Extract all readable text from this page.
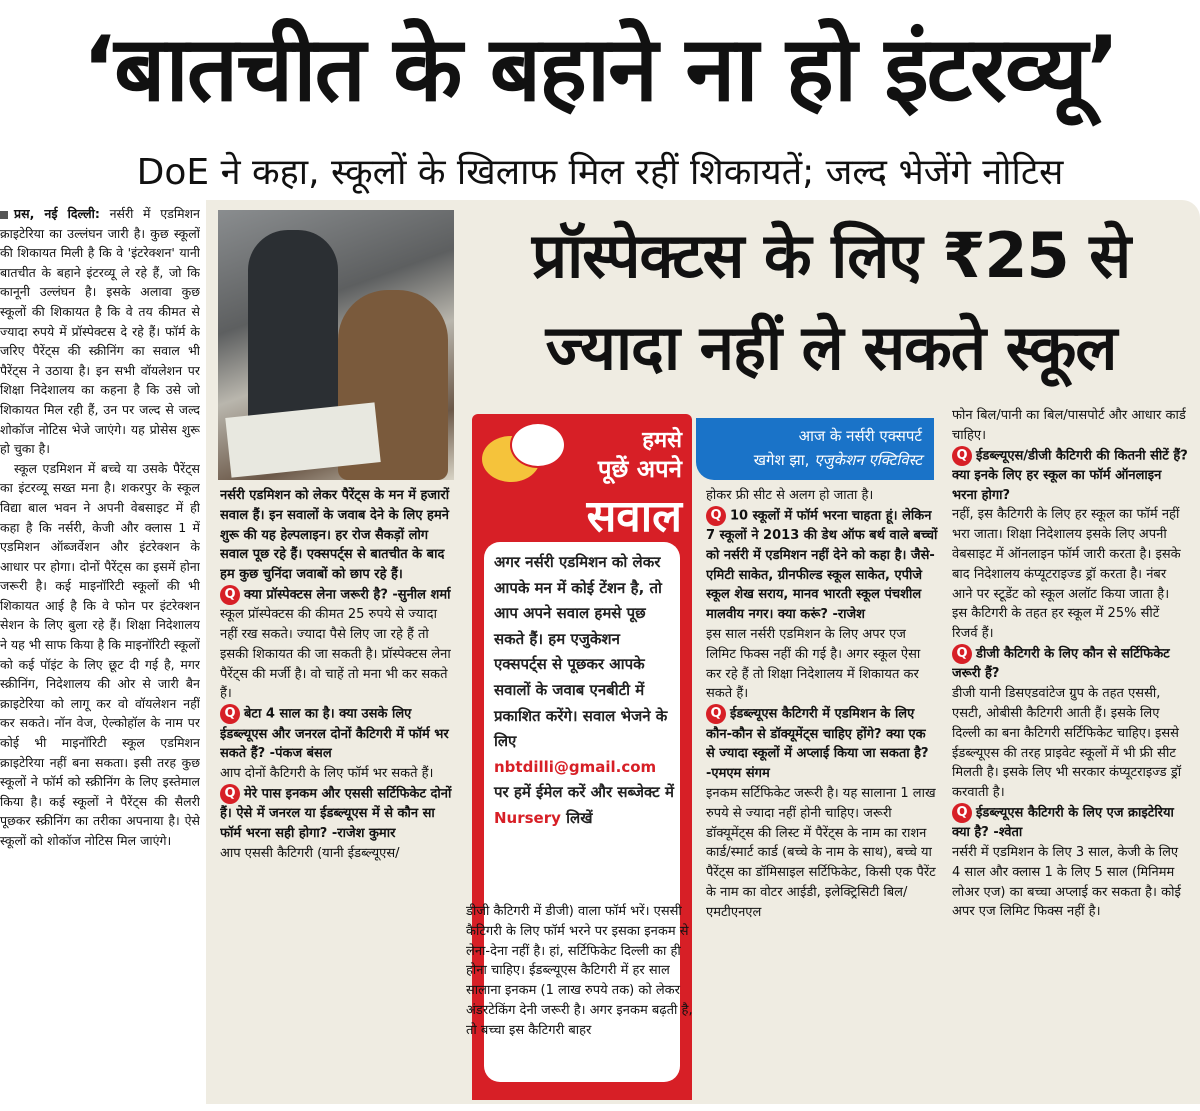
‘बातचीत के बहाने ना हो इंटरव्यू’
DoE ने कहा, स्कूलों के खिलाफ मिल रहीं शिकायतें; जल्द भेजेंगे नोटिस

प्रस, नई दिल्ली: नर्सरी में एडमिशन क्राइटेरिया का उल्लंघन जारी है। कुछ स्कूलों की शिकायत मिली है कि वे 'इंटरेक्शन' यानी बातचीत के बहाने इंटरव्यू ले रहे हैं, जो कि कानूनी उल्लंघन है। इसके अलावा कुछ स्कूलों की शिकायत है कि वे तय कीमत से ज्यादा रुपये में प्रॉस्पेक्टस दे रहे हैं। फॉर्म के जरिए पैरेंट्स की स्क्रीनिंग का सवाल भी पैरेंट्स ने उठाया है। इन सभी वॉयलेशन पर शिक्षा निदेशालय का कहना है कि उसे जो शिकायत मिल रही हैं, उन पर जल्द से जल्द शोकॉज नोटिस भेजे जाएंगे। यह प्रोसेस शुरू हो चुका है।

स्कूल एडमिशन में बच्चे या उसके पैरेंट्स का इंटरव्यू सख्त मना है। शकरपुर के स्कूल विद्या बाल भवन ने अपनी वेबसाइट में ही कहा है कि नर्सरी, केजी और क्लास 1 में एडमिशन ऑब्जर्वेशन और इंटरेक्शन के आधार पर होगा। दोनों पैरेंट्स का इसमें होना जरूरी है। कई माइनॉरिटी स्कूलों की भी शिकायत आई है कि वे फोन पर इंटरेक्शन सेशन के लिए बुला रहे हैं। शिक्षा निदेशालय ने यह भी साफ किया है कि माइनॉरिटी स्कूलों को कई पॉइंट के लिए छूट दी गई है, मगर स्क्रीनिंग, निदेशालय की ओर से जारी बैन क्राइटेरिया को लागू कर वो वॉयलेशन नहीं कर सकते। नॉन वेज, ऐल्कोहॉल के नाम पर कोई भी माइनॉरिटी स्कूल एडमिशन क्राइटेरिया नहीं बना सकता। इसी तरह कुछ स्कूलों ने फॉर्म को स्क्रीनिंग के लिए इस्तेमाल किया है। कई स्कूलों ने पैरेंट्स की सैलरी पूछकर स्क्रीनिंग का तरीका अपनाया है। ऐसे स्कूलों को शोकॉज नोटिस मिल जाएंगे।

प्रॉस्पेक्टस के लिए ₹25 से ज्यादा नहीं ले सकते स्कूल

नर्सरी एडमिशन को लेकर पैरेंट्स के मन में हजारों सवाल हैं। इन सवालों के जवाब देने के लिए हमने शुरू की यह हेल्पलाइन। हर रोज सैकड़ों लोग सवाल पूछ रहे हैं। एक्सपर्ट्स से बातचीत के बाद हम कुछ चुनिंदा जवाबों को छाप रहे हैं।

Q क्या प्रॉस्पेक्टस लेना जरूरी है? -सुनील शर्मा

स्कूल प्रॉस्पेक्टस की कीमत 25 रुपये से ज्यादा नहीं रख सकते। ज्यादा पैसे लिए जा रहे हैं तो इसकी शिकायत की जा सकती है। प्रॉस्पेक्टस लेना पैरेंट्स की मर्जी है। वो चाहें तो मना भी कर सकते हैं।

Q बेटा 4 साल का है। क्या उसके लिए ईडब्ल्यूएस और जनरल दोनों कैटिगरी में फॉर्म भर सकते हैं? -पंकज बंसल

आप दोनों कैटिगरी के लिए फॉर्म भर सकते हैं।

Q मेरे पास इनकम और एससी सर्टिफिकेट दोनों हैं। ऐसे में जनरल या ईडब्ल्यूएस में से कौन सा फॉर्म भरना सही होगा? -राजेश कुमार

आप एससी कैटिगरी (यानी ईडब्ल्यूएस/

हमसे
पूछें अपने
सवाल
अगर नर्सरी एडमिशन को लेकर आपके मन में कोई टेंशन है, तो आप अपने सवाल हमसे पूछ सकते हैं। हम एजुकेशन एक्सपर्ट्स से पूछकर आपके सवालों के जवाब एनबीटी में प्रकाशित करेंगे। सवाल भेजने के लिए nbtdilli@gmail.com पर हमें ईमेल करें और सब्जेक्ट में Nursery लिखें

डीजी कैटिगरी में डीजी) वाला फॉर्म भरें। एससी कैटिगरी के लिए फॉर्म भरने पर इसका इनकम से लेना-देना नहीं है। हां, सर्टिफिकेट दिल्ली का ही होना चाहिए। ईडब्ल्यूएस कैटिगरी में हर साल सालाना इनकम (1 लाख रुपये तक) को लेकर अंडरटेकिंग देनी जरूरी है। अगर इनकम बढ़ती है, तो बच्चा इस कैटिगरी बाहर

आज के नर्सरी एक्सपर्ट
खगेश झा, एजुकेशन एक्टिविस्ट

होकर फ्री सीट से अलग हो जाता है।

Q 10 स्कूलों में फॉर्म भरना चाहता हूं। लेकिन 7 स्कूलों ने 2013 की डेथ ऑफ बर्थ वाले बच्चों को नर्सरी में एडमिशन नहीं देने को कहा है। जैसे- एमिटी साकेत, ग्रीनफील्ड स्कूल साकेत, एपीजे स्कूल शेख सराय, मानव भारती स्कूल पंचशील मालवीय नगर। क्या करूं? -राजेश

इस साल नर्सरी एडमिशन के लिए अपर एज लिमिट फिक्स नहीं की गई है। अगर स्कूल ऐसा कर रहे हैं तो शिक्षा निदेशालय में शिकायत कर सकते हैं।

Q ईडब्ल्यूएस कैटिगरी में एडमिशन के लिए कौन-कौन से डॉक्यूमेंट्स चाहिए होंगे? क्या एक से ज्यादा स्कूलों में अप्लाई किया जा सकता है? -एमएम संगम

इनकम सर्टिफिकेट जरूरी है। यह सालाना 1 लाख रुपये से ज्यादा नहीं होनी चाहिए। जरूरी डॉक्यूमेंट्स की लिस्ट में पैरेंट्स के नाम का राशन कार्ड/स्मार्ट कार्ड (बच्चे के नाम के साथ), बच्चे या पैरेंट्स का डॉमिसाइल सर्टिफिकेट, किसी एक पैरेंट के नाम का वोटर आईडी, इलेक्ट्रिसिटी बिल/एमटीएनएल

फोन बिल/पानी का बिल/पासपोर्ट और आधार कार्ड चाहिए।

Q ईडब्ल्यूएस/डीजी कैटिगरी की कितनी सीटें हैं? क्या इनके लिए हर स्कूल का फॉर्म ऑनलाइन भरना होगा?

नहीं, इस कैटिगरी के लिए हर स्कूल का फॉर्म नहीं भरा जाता। शिक्षा निदेशालय इसके लिए अपनी वेबसाइट में ऑनलाइन फॉर्म जारी करता है। इसके बाद निदेशालय कंप्यूटराइज्ड ड्रॉ करता है। नंबर आने पर स्टूडेंट को स्कूल अलॉट किया जाता है। इस कैटिगरी के तहत हर स्कूल में 25% सीटें रिजर्व हैं।

Q डीजी कैटिगरी के लिए कौन से सर्टिफिकेट जरूरी हैं?

डीजी यानी डिसएडवांटेज ग्रुप के तहत एससी, एसटी, ओबीसी कैटिगरी आती हैं। इसके लिए दिल्ली का बना कैटिगरी सर्टिफिकेट चाहिए। इससे ईडब्ल्यूएस की तरह प्राइवेट स्कूलों में भी फ्री सीट मिलती है। इसके लिए भी सरकार कंप्यूटराइज्ड ड्रॉ करवाती है।

Q ईडब्ल्यूएस कैटिगरी के लिए एज क्राइटेरिया क्या है? -श्वेता

नर्सरी में एडमिशन के लिए 3 साल, केजी के लिए 4 साल और क्लास 1 के लिए 5 साल (मिनिमम लोअर एज) का बच्चा अप्लाई कर सकता है। कोई अपर एज लिमिट फिक्स नहीं है।
